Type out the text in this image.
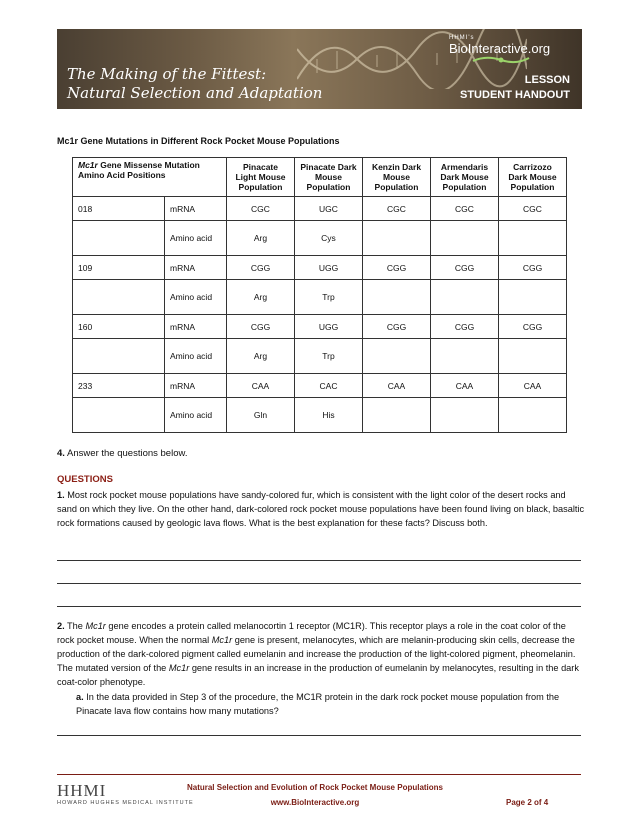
The Making of the Fittest:
Natural Selection and Adaptation
HHMI's
BioInteractive.org
LESSON
STUDENT HANDOUT
Mc1r Gene Mutations in Different Rock Pocket Mouse Populations
Mc1r Gene Missense Mutation Amino Acid Positions		Pinacate Light Mouse Population	Pinacate Dark Mouse Population	Kenzin Dark Mouse Population	Armendaris Dark Mouse Population	Carrizozo Dark Mouse Population
018	mRNA	CGC	UGC	CGC	CGC	CGC
	Amino acid	Arg	Cys			
109	mRNA	CGG	UGG	CGG	CGG	CGG
	Amino acid	Arg	Trp			
160	mRNA	CGG	UGG	CGG	CGG	CGG
	Amino acid	Arg	Trp			
233	mRNA	CAA	CAC	CAA	CAA	CAA
	Amino acid	Gln	His			
4. Answer the questions below.
QUESTIONS
1. Most rock pocket mouse populations have sandy-colored fur, which is consistent with the light color of the desert rocks and sand on which they live. On the other hand, dark-colored rock pocket mouse populations have been found living on black, basaltic rock formations caused by geologic lava flows. What is the best explanation for these facts? Discuss both.
2. The Mc1r gene encodes a protein called melanocortin 1 receptor (MC1R). This receptor plays a role in the coat color of the rock pocket mouse. When the normal Mc1r gene is present, melanocytes, which are melanin-producing skin cells, decrease the production of the dark-colored pigment called eumelanin and increase the production of the light-colored pigment, pheomelanin. The mutated version of the Mc1r gene results in an increase in the production of eumelanin by melanocytes, resulting in the dark coat-color phenotype.
a. In the data provided in Step 3 of the procedure, the MC1R protein in the dark rock pocket mouse population from the Pinacate lava flow contains how many mutations?
HHMI
HOWARD HUGHES MEDICAL INSTITUTE
Natural Selection and Evolution of Rock Pocket Mouse Populations
www.BioInteractive.org	Page 2 of 4
